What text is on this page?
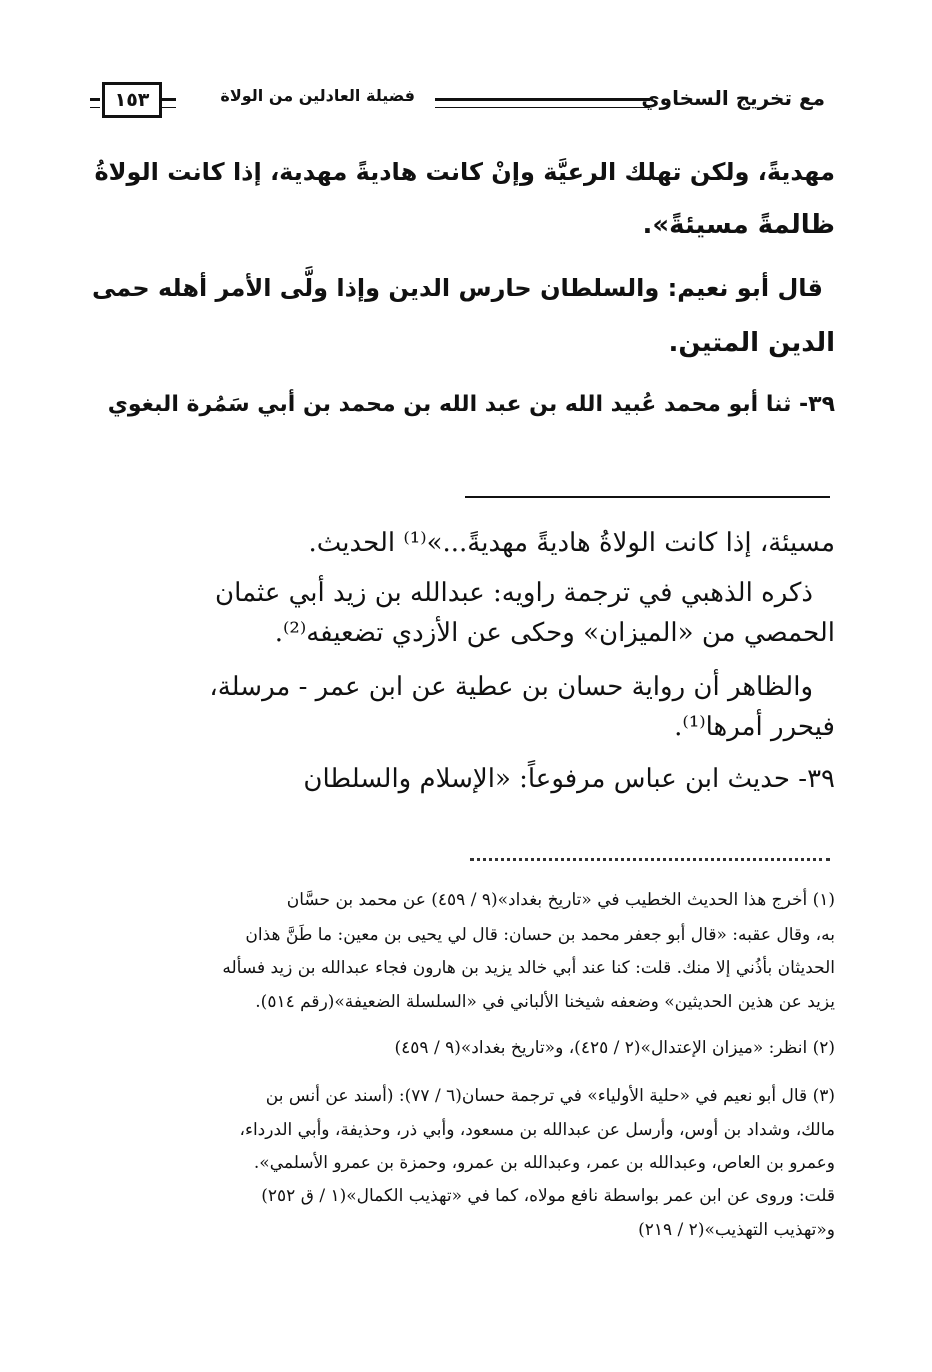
مع تخريج السخاوي
فضيلة العادلين من الولاة
١٥٣
مهديةً، ولكن تهلك الرعيَّة وإنْ كانت هاديةً مهدية، إذا كانت الولاةُ
ظالمةً مسيئةً».
قال أبو نعيم: والسلطان حارس الدين وإذا ولَّى الأمر أهله حمى
الدين المتين.
٣٩- ثنا أبو محمد عُبيد الله بن عبد الله بن محمد بن أبي سَمُرة البغوي
مسيئة، إذا كانت الولاةُ هاديةً مهديةً...»⁽¹⁾ الحديث.
ذكره الذهبي في ترجمة راويه: عبدالله بن زيد أبي عثمان
الحمصي من «الميزان» وحكى عن الأزدي تضعيفه⁽²⁾.
والظاهر أن رواية حسان بن عطية عن ابن عمر - مرسلة،
فيحرر أمرها⁽¹⁾.
٣٩- حديث ابن عباس مرفوعاً: «الإسلام والسلطان
(١) أخرج هذا الحديث الخطيب في «تاريخ بغداد»(٩ / ٤٥٩) عن محمد بن حسَّان
به، وقال عقبه: «قال أبو جعفر محمد بن حسان: قال لي يحيى بن معين: ما طَنَّ هذان
الحديثان بأذُني إلا منك. قلت: كنا عند أبي خالد يزيد بن هارون فجاء عبدالله بن زيد فسأله
يزيد عن هذين الحديثين» وضعفه شيخنا الألباني في «السلسلة الضعيفة»(رقم ٥١٤).
(٢) انظر: «ميزان الإعتدال»(٢ / ٤٢٥)، و«تاريخ بغداد»(٩ / ٤٥٩)
(٣) قال أبو نعيم في «حلية الأولياء» في ترجمة حسان(٦ / ٧٧): (أسند عن أنس بن
مالك، وشداد بن أوس، وأرسل عن عبدالله بن مسعود، وأبي ذر، وحذيفة، وأبي الدرداء،
وعمرو بن العاص، وعبدالله بن عمر، وعبدالله بن عمرو، وحمزة بن عمرو الأسلمي».
قلت: وروى عن ابن عمر بواسطة نافع مولاه، كما في «تهذيب الكمال»(١ / ق ٢٥٢)
و«تهذيب التهذيب»(٢ / ٢١٩)
